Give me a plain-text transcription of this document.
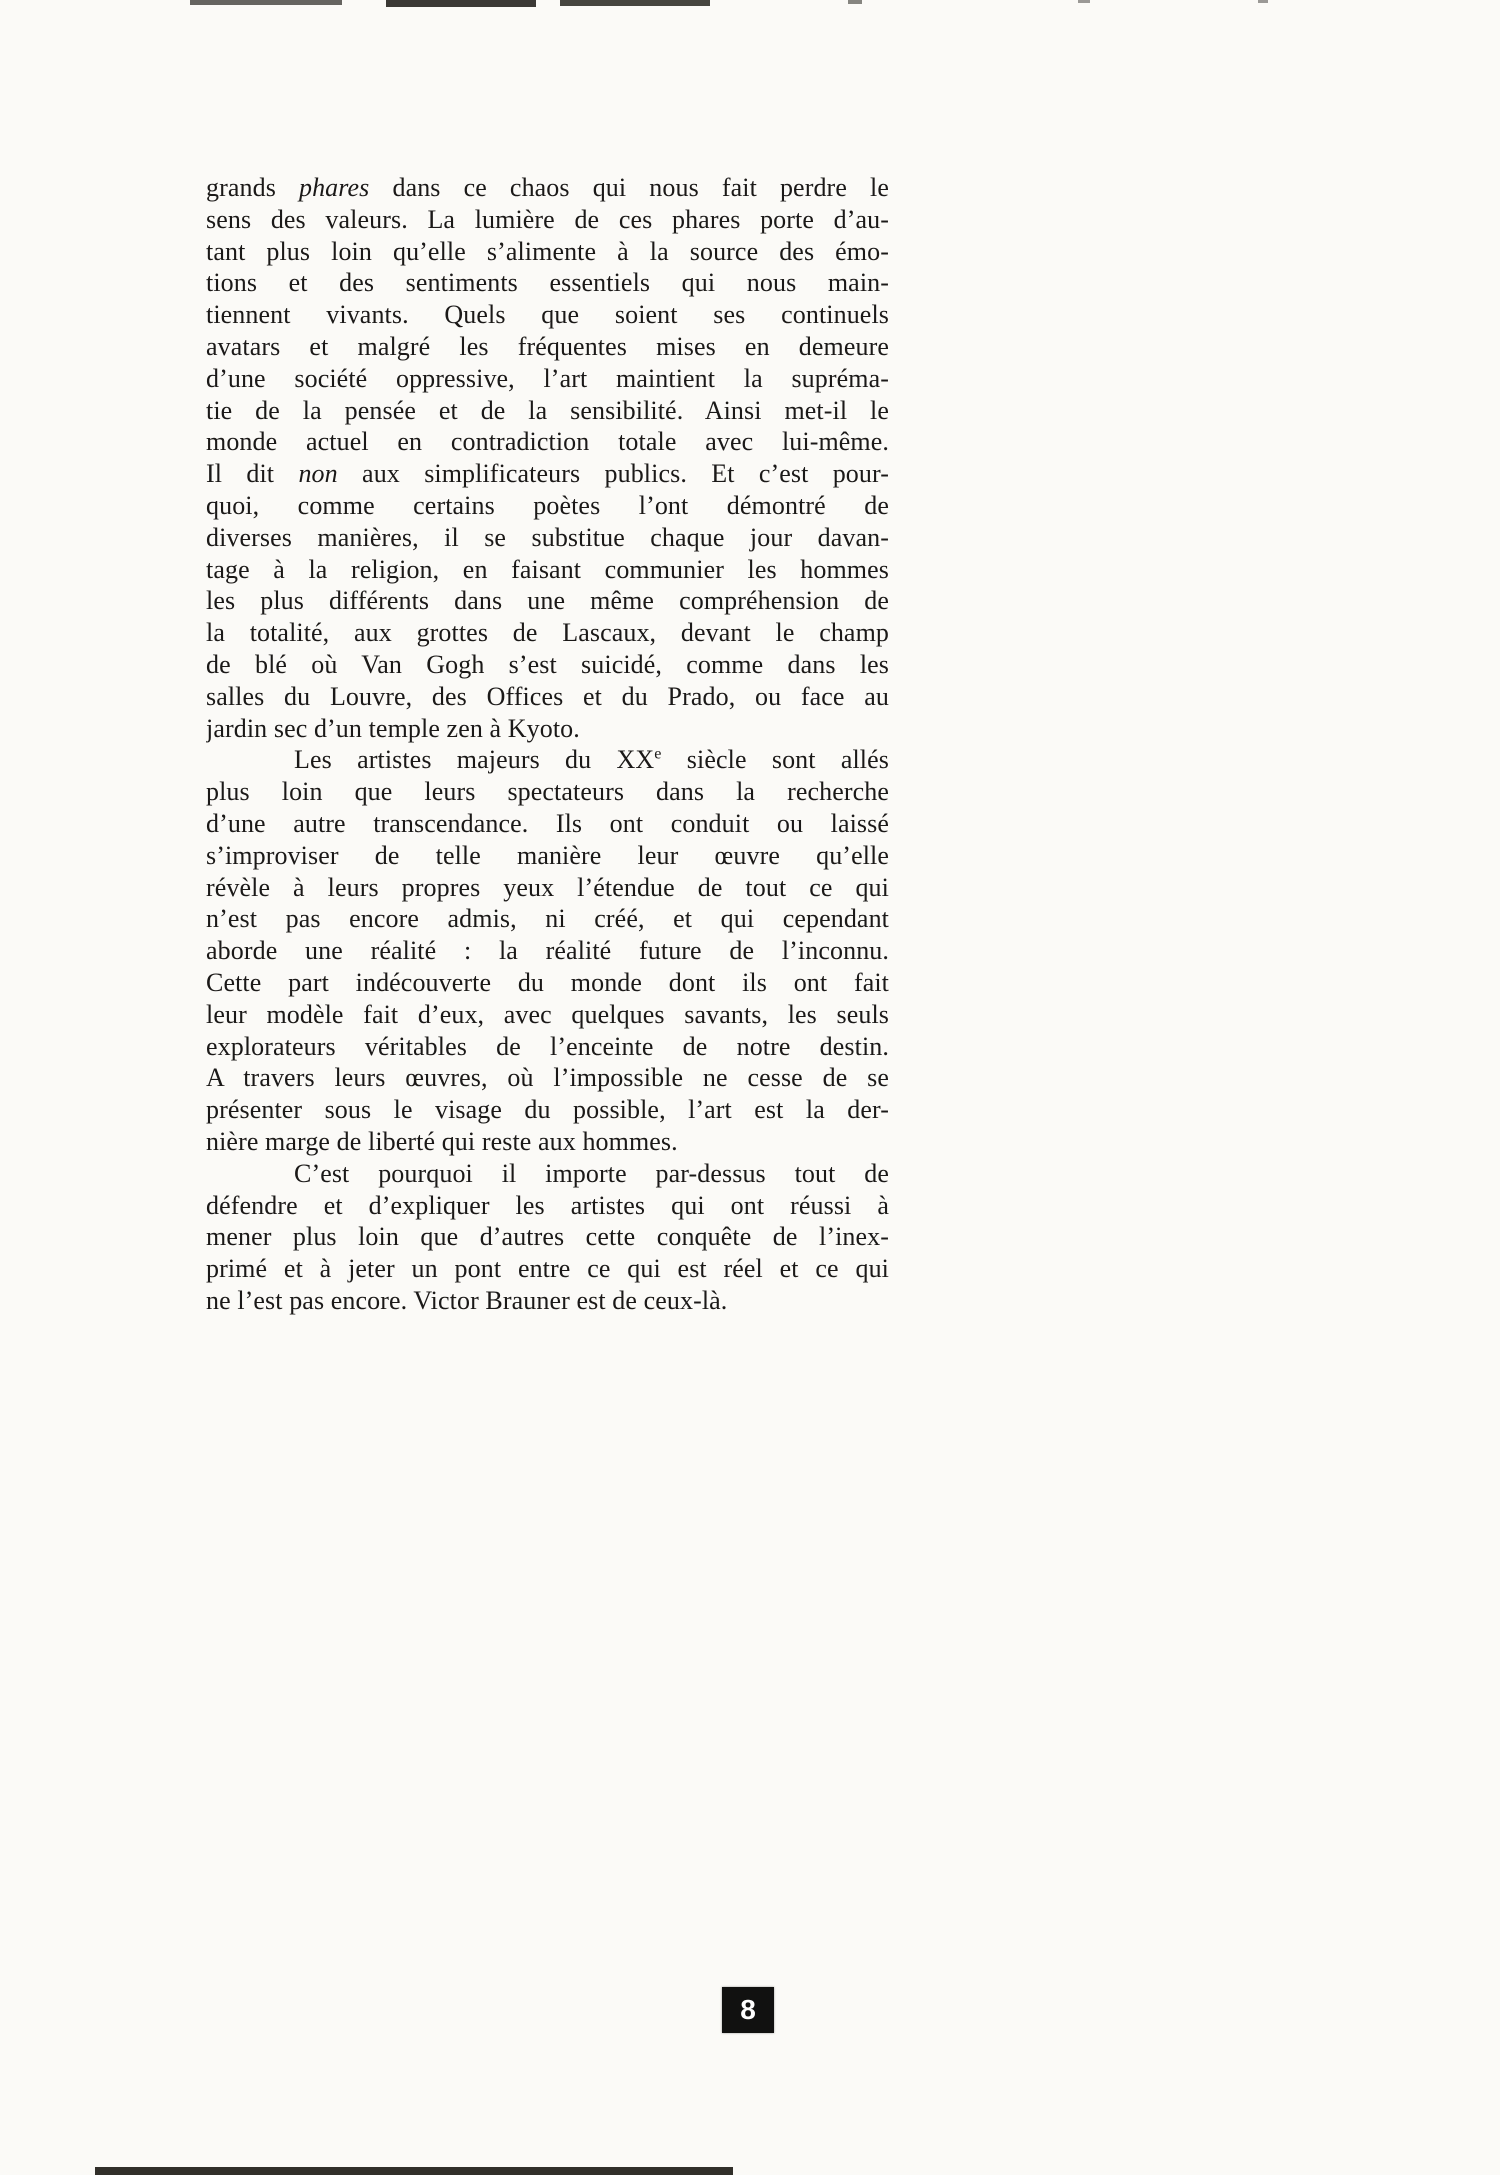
grands phares dans ce chaos qui nous fait perdre le
sens des valeurs. La lumière de ces phares porte d’au-
tant plus loin qu’elle s’alimente à la source des émo-
tions et des sentiments essentiels qui nous main-
tiennent vivants. Quels que soient ses continuels
avatars et malgré les fréquentes mises en demeure
d’une société oppressive, l’art maintient la supréma-
tie de la pensée et de la sensibilité. Ainsi met-il le
monde actuel en contradiction totale avec lui-même.
Il dit non aux simplificateurs publics. Et c’est pour-
quoi, comme certains poètes l’ont démontré de
diverses manières, il se substitue chaque jour davan-
tage à la religion, en faisant communier les hommes
les plus différents dans une même compréhension de
la totalité, aux grottes de Lascaux, devant le champ
de blé où Van Gogh s’est suicidé, comme dans les
salles du Louvre, des Offices et du Prado, ou face au
jardin sec d’un temple zen à Kyoto.
Les artistes majeurs du XXe siècle sont allés
plus loin que leurs spectateurs dans la recherche
d’une autre transcendance. Ils ont conduit ou laissé
s’improviser de telle manière leur œuvre qu’elle
révèle à leurs propres yeux l’étendue de tout ce qui
n’est pas encore admis, ni créé, et qui cependant
aborde une réalité : la réalité future de l’inconnu.
Cette part indécouverte du monde dont ils ont fait
leur modèle fait d’eux, avec quelques savants, les seuls
explorateurs véritables de l’enceinte de notre destin.
A travers leurs œuvres, où l’impossible ne cesse de se
présenter sous le visage du possible, l’art est la der-
nière marge de liberté qui reste aux hommes.
C’est pourquoi il importe par-dessus tout de
défendre et d’expliquer les artistes qui ont réussi à
mener plus loin que d’autres cette conquête de l’inex-
primé et à jeter un pont entre ce qui est réel et ce qui
ne l’est pas encore. Victor Brauner est de ceux-là.
8
